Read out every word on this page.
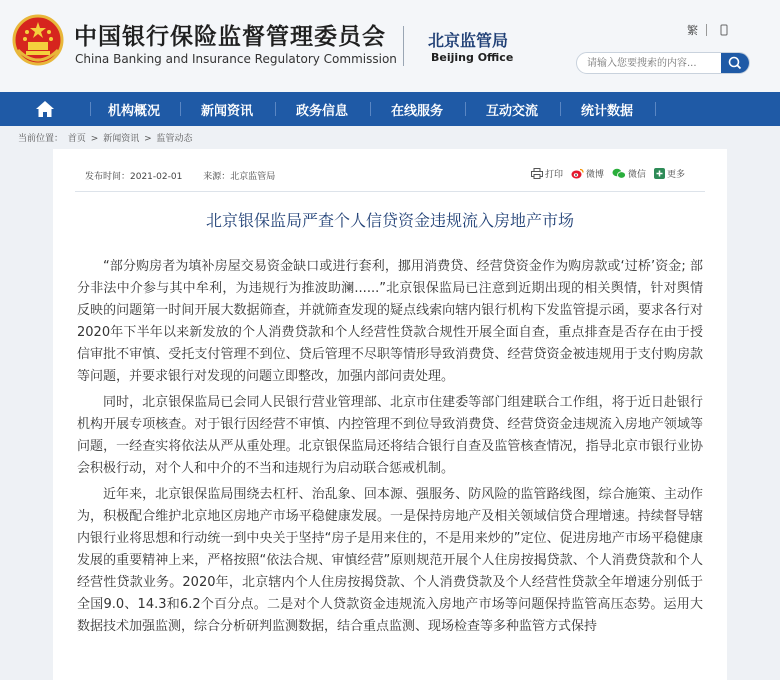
中国银行保险监督管理委员会
China Banking and Insurance Regulatory Commission
北京监管局
Beijing Office
繁
请输入您要搜索的内容...
机构概况	新闻资讯	政务信息	在线服务	互动交流	统计数据
当前位置： 首页 > 新闻资讯 > 监管动态
发布时间：2021-02-01 来源：北京监管局	打印	微博	微信 更多
北京银保监局严查个人信贷资金违规流入房地产市场

“部分购房者为填补房屋交易资金缺口或进行套利，挪用消费贷、经营贷资金作为购房款或‘过桥’资金; 部分非法中介参与其中牟利，为违规行为推波助澜......”北京银保监局已注意到近期出现的相关舆情，针对舆情反映的问题第一时间开展大数据筛查，并就筛查发现的疑点线索向辖内银行机构下发监管提示函，要求各行对2020年下半年以来新发放的个人消费贷款和个人经营性贷款合规性开展全面自查，重点排查是否存在由于授信审批不审慎、受托支付管理不到位、贷后管理不尽职等情形导致消费贷、经营贷资金被违规用于支付购房款等问题，并要求银行对发现的问题立即整改，加强内部问责处理。

同时，北京银保监局已会同人民银行营业管理部、北京市住建委等部门组建联合工作组，将于近日赴银行机构开展专项核查。对于银行因经营不审慎、内控管理不到位导致消费贷、经营贷资金违规流入房地产领域等问题，一经查实将依法从严从重处理。北京银保监局还将结合银行自查及监管核查情况，指导北京市银行业协会积极行动，对个人和中介的不当和违规行为启动联合惩戒机制。

近年来，北京银保监局围绕去杠杆、治乱象、回本源、强服务、防风险的监管路线图，综合施策、主动作为，积极配合维护北京地区房地产市场平稳健康发展。一是保持房地产及相关领域信贷合理增速。持续督导辖内银行业将思想和行动统一到中央关于坚持“房子是用来住的，不是用来炒的”定位、促进房地产市场平稳健康发展的重要精神上来，严格按照“依法合规、审慎经营”原则规范开展个人住房按揭贷款、个人消费贷款和个人经营性贷款业务。2020年，北京辖内个人住房按揭贷款、个人消费贷款及个人经营性贷款全年增速分别低于全国9.0、14.3和6.2个百分点。二是对个人贷款资金违规流入房地产市场等问题保持监管高压态势。运用大数据技术加强监测，综合分析研判监测数据，结合重点监测、现场检查等多种监管方式保持
